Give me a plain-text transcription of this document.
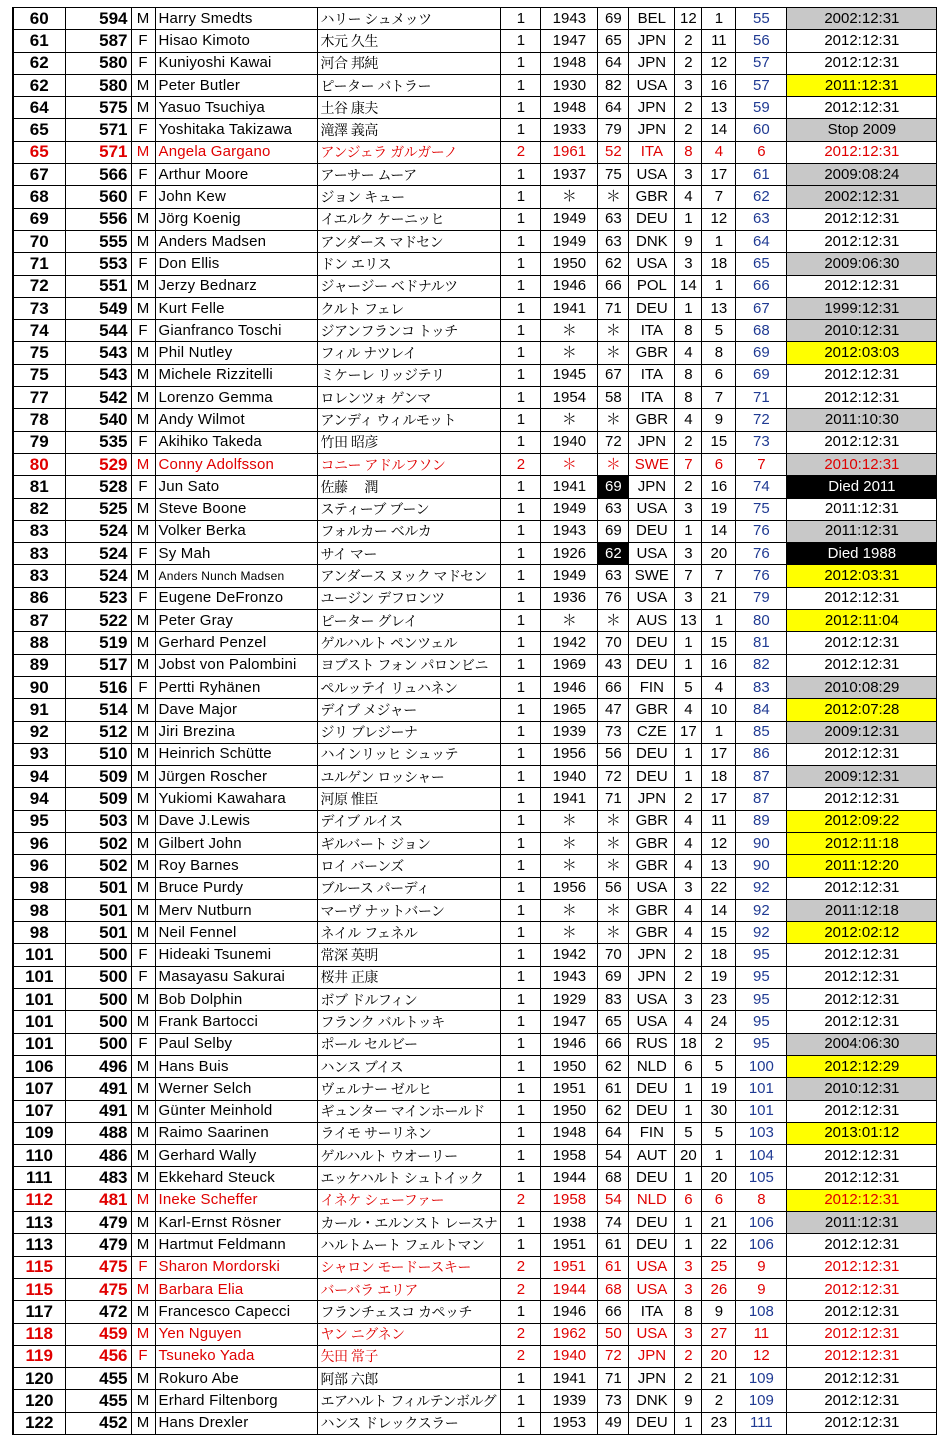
60	594	M	Harry Smedts	ハリー シュメッツ	1	1943	69	BEL	12	1	55	2002:12:31
61	587	F	Hisao Kimoto	木元 久生	1	1947	65	JPN	2	11	56	2012:12:31
62	580	F	Kuniyoshi Kawai	河合 邦純	1	1948	64	JPN	2	12	57	2012:12:31
62	580	M	Peter Butler	ピーター バトラー	1	1930	82	USA	3	16	57	2011:12:31
64	575	M	Yasuo Tsuchiya	土谷 康夫	1	1948	64	JPN	2	13	59	2012:12:31
65	571	F	Yoshitaka Takizawa	滝澤 義高	1	1933	79	JPN	2	14	60	Stop 2009
65	571	M	Angela Gargano	アンジェラ ガルガーノ	2	1961	52	ITA	8	4	6	2012:12:31
67	566	F	Arthur Moore	アーサー ムーア	1	1937	75	USA	3	17	61	2009:08:24
68	560	F	John Kew	ジョン キュー	1	＊	＊	GBR	4	7	62	2002:12:31
69	556	M	Jörg Koenig	イエルク ケーニッヒ	1	1949	63	DEU	1	12	63	2012:12:31
70	555	M	Anders Madsen	アンダース マドセン	1	1949	63	DNK	9	1	64	2012:12:31
71	553	F	Don Ellis	ドン エリス	1	1950	62	USA	3	18	65	2009:06:30
72	551	M	Jerzy Bednarz	ジャージー ベドナルツ	1	1946	66	POL	14	1	66	2012:12:31
73	549	M	Kurt Felle	クルト フェレ	1	1941	71	DEU	1	13	67	1999:12:31
74	544	F	Gianfranco Toschi	ジアンフランコ トッチ	1	＊	＊	ITA	8	5	68	2010:12:31
75	543	M	Phil Nutley	フィル ナツレイ	1	＊	＊	GBR	4	8	69	2012:03:03
75	543	M	Michele Rizzitelli	ミケーレ リッジテリ	1	1945	67	ITA	8	6	69	2012:12:31
77	542	M	Lorenzo Gemma	ロレンツォ ゲンマ	1	1954	58	ITA	8	7	71	2012:12:31
78	540	M	Andy Wilmot	アンディ ウィルモット	1	＊	＊	GBR	4	9	72	2011:10:30
79	535	F	Akihiko Takeda	竹田 昭彦	1	1940	72	JPN	2	15	73	2012:12:31
80	529	M	Conny Adolfsson	コニー アドルフソン	2	＊	＊	SWE	7	6	7	2010:12:31
81	528	F	Jun Sato	佐藤　 潤	1	1941	69	JPN	2	16	74	Died 2011
82	525	M	Steve Boone	スティーブ ブーン	1	1949	63	USA	3	19	75	2011:12:31
83	524	M	Volker Berka	フォルカー ベルカ	1	1943	69	DEU	1	14	76	2011:12:31
83	524	F	Sy Mah	サイ マー	1	1926	62	USA	3	20	76	Died 1988
83	524	M	Anders Nunch Madsen	アンダース ヌック マドセン	1	1949	63	SWE	7	7	76	2012:03:31
86	523	F	Eugene DeFronzo	ユージン デフロンツ	1	1936	76	USA	3	21	79	2012:12:31
87	522	M	Peter Gray	ピーター グレイ	1	＊	＊	AUS	13	1	80	2012:11:04
88	519	M	Gerhard Penzel	ゲルハルト ペンツェル	1	1942	70	DEU	1	15	81	2012:12:31
89	517	M	Jobst von Palombini	ヨブスト フォン パロンビニ	1	1969	43	DEU	1	16	82	2012:12:31
90	516	F	Pertti Ryhänen	ペルッテイ リュハネン	1	1946	66	FIN	5	4	83	2010:08:29
91	514	M	Dave Major	デイブ メジャー	1	1965	47	GBR	4	10	84	2012:07:28
92	512	M	Jiri Brezina	ジリ ブレジーナ	1	1939	73	CZE	17	1	85	2009:12:31
93	510	M	Heinrich Schütte	ハインリッヒ シュッテ	1	1956	56	DEU	1	17	86	2012:12:31
94	509	M	Jürgen Roscher	ユルゲン ロッシャー	1	1940	72	DEU	1	18	87	2009:12:31
94	509	M	Yukiomi Kawahara	河原 惟臣	1	1941	71	JPN	2	17	87	2012:12:31
95	503	M	Dave J.Lewis	デイブ ルイス	1	＊	＊	GBR	4	11	89	2012:09:22
96	502	M	Gilbert John	ギルバート ジョン	1	＊	＊	GBR	4	12	90	2012:11:18
96	502	M	Roy Barnes	ロイ バーンズ	1	＊	＊	GBR	4	13	90	2011:12:20
98	501	M	Bruce Purdy	ブルース パーディ	1	1956	56	USA	3	22	92	2012:12:31
98	501	M	Merv Nutburn	マーヴ ナットバーン	1	＊	＊	GBR	4	14	92	2011:12:18
98	501	M	Neil Fennel	ネイル フェネル	1	＊	＊	GBR	4	15	92	2012:02:12
101	500	F	Hideaki Tsunemi	常深 英明	1	1942	70	JPN	2	18	95	2012:12:31
101	500	F	Masayasu Sakurai	桜井 正康	1	1943	69	JPN	2	19	95	2012:12:31
101	500	M	Bob Dolphin	ボブ ドルフィン	1	1929	83	USA	3	23	95	2012:12:31
101	500	M	Frank Bartocci	フランク バルトッキ	1	1947	65	USA	4	24	95	2012:12:31
101	500	F	Paul Selby	ポール セルビー	1	1946	66	RUS	18	2	95	2004:06:30
106	496	M	Hans Buis	ハンス ブイス	1	1950	62	NLD	6	5	100	2012:12:29
107	491	M	Werner Selch	ヴェルナー ゼルヒ	1	1951	61	DEU	1	19	101	2010:12:31
107	491	M	Günter Meinhold	ギュンター マインホールド	1	1950	62	DEU	1	30	101	2012:12:31
109	488	M	Raimo Saarinen	ライモ サーリネン	1	1948	64	FIN	5	5	103	2013:01:12
110	486	M	Gerhard Wally	ゲルハルト ウオーリー	1	1958	54	AUT	20	1	104	2012:12:31
111	483	M	Ekkehard Steuck	エッケハルト シュトイック	1	1944	68	DEU	1	20	105	2012:12:31
112	481	M	Ineke Scheffer	イネケ シェーファー	2	1958	54	NLD	6	6	8	2012:12:31
113	479	M	Karl-Ernst Rösner	カール・エルンスト レースナ	1	1938	74	DEU	1	21	106	2011:12:31
113	479	M	Hartmut Feldmann	ハルトムート フェルトマン	1	1951	61	DEU	1	22	106	2012:12:31
115	475	F	Sharon Mordorski	シャロン モードースキー	2	1951	61	USA	3	25	9	2012:12:31
115	475	M	Barbara Elia	バーバラ エリア	2	1944	68	USA	3	26	9	2012:12:31
117	472	M	Francesco Capecci	フランチェスコ カペッチ	1	1946	66	ITA	8	9	108	2012:12:31
118	459	M	Yen Nguyen	ヤン ニグネン	2	1962	50	USA	3	27	11	2012:12:31
119	456	F	Tsuneko Yada	矢田 常子	2	1940	72	JPN	2	20	12	2012:12:31
120	455	M	Rokuro Abe	阿部 六郎	1	1941	71	JPN	2	21	109	2012:12:31
120	455	M	Erhard Filtenborg	エアハルト フィルテンボルグ	1	1939	73	DNK	9	2	109	2012:12:31
122	452	M	Hans Drexler	ハンス ドレックスラー	1	1953	49	DEU	1	23	111	2012:12:31
